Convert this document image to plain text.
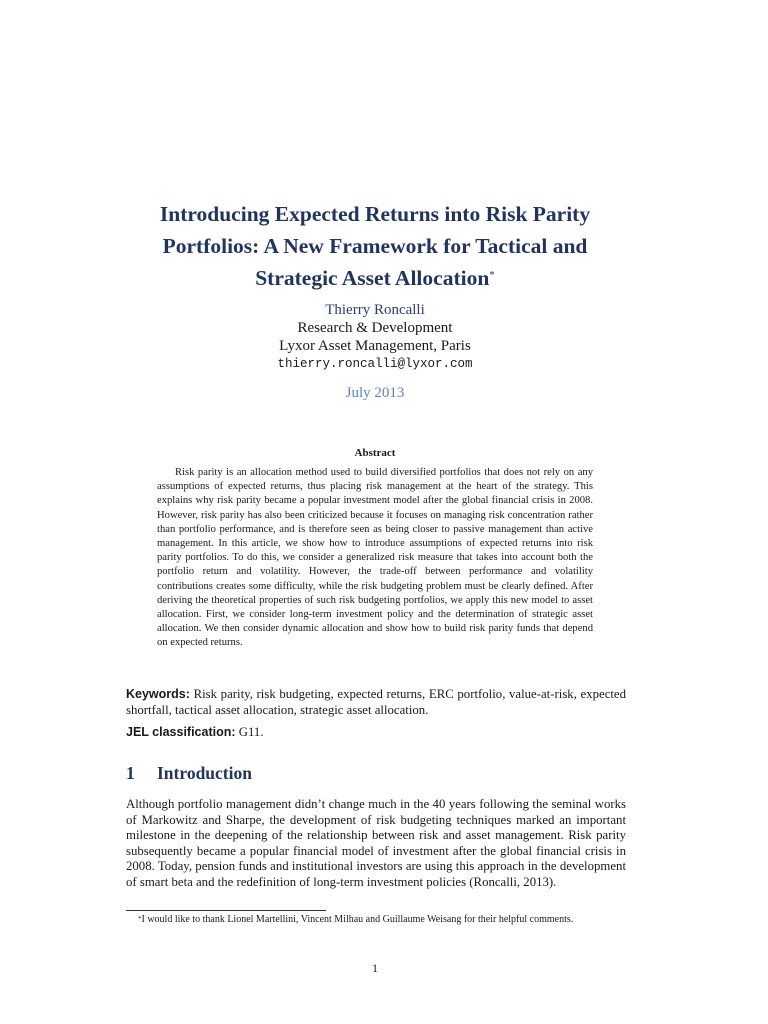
Introducing Expected Returns into Risk Parity Portfolios: A New Framework for Tactical and Strategic Asset Allocation*
Thierry Roncalli
Research & Development
Lyxor Asset Management, Paris
thierry.roncalli@lyxor.com
July 2013
Abstract
Risk parity is an allocation method used to build diversified portfolios that does not rely on any assumptions of expected returns, thus placing risk management at the heart of the strategy. This explains why risk parity became a popular investment model after the global financial crisis in 2008. However, risk parity has also been criticized because it focuses on managing risk concentration rather than portfolio performance, and is therefore seen as being closer to passive management than active management. In this article, we show how to introduce assumptions of expected returns into risk parity portfolios. To do this, we consider a generalized risk measure that takes into account both the portfolio return and volatility. However, the trade-off between performance and volatility contributions creates some difficulty, while the risk budgeting problem must be clearly defined. After deriving the theoretical properties of such risk budgeting portfolios, we apply this new model to asset allocation. First, we consider long-term investment policy and the determination of strategic asset allocation. We then consider dynamic allocation and show how to build risk parity funds that depend on expected returns.
Keywords: Risk parity, risk budgeting, expected returns, ERC portfolio, value-at-risk, expected shortfall, tactical asset allocation, strategic asset allocation.
JEL classification: G11.
1 Introduction
Although portfolio management didn’t change much in the 40 years following the seminal works of Markowitz and Sharpe, the development of risk budgeting techniques marked an important milestone in the deepening of the relationship between risk and asset management. Risk parity subsequently became a popular financial model of investment after the global financial crisis in 2008. Today, pension funds and institutional investors are using this approach in the development of smart beta and the redefinition of long-term investment policies (Roncalli, 2013).
*I would like to thank Lionel Martellini, Vincent Milhau and Guillaume Weisang for their helpful comments.
1
